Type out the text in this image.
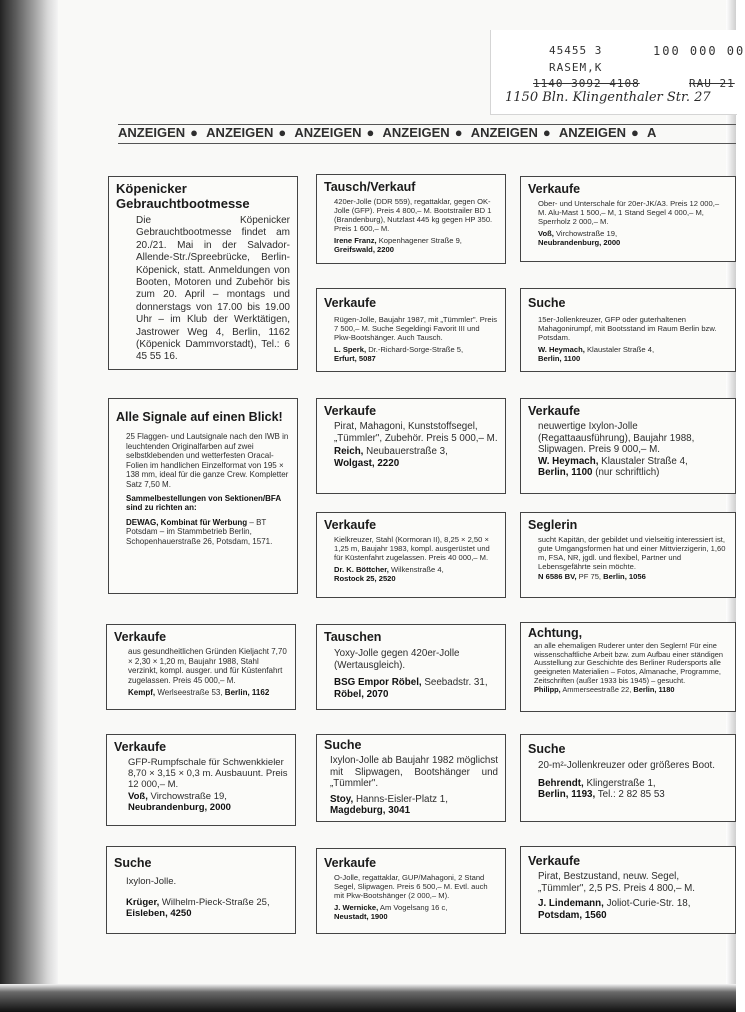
45455 3	100 000 00
RASEM,K
1140 3092 4108	RAU 21
1150 Bln. Klingenthaler Str. 27
ANZEIGEN ● ANZEIGEN ● ANZEIGEN ● ANZEIGEN ● ANZEIGEN ● ANZEIGEN ● A
Köpenicker Gebrauchtbootmesse

Die Köpenicker Gebrauchtbootmesse findet am 20./21. Mai in der Salvador-Allende-Str./Spreebrücke, Berlin-Köpenick, statt. Anmeldungen von Booten, Motoren und Zubehör bis zum 20. April – montags und donnerstags von 17.00 bis 19.00 Uhr – im Klub der Werktätigen, Jastrower Weg 4, Berlin, 1162 (Köpenick Dammvorstadt), Tel.: 6 45 55 16.

Alle Signale auf einen Blick!

25 Flaggen- und Lautsignale nach den IWB in leuchtenden Originalfarben auf zwei selbstklebenden und wetterfesten Oracal-Folien im handlichen Einzelformat von 195 × 138 mm, ideal für die ganze Crew. Kompletter Satz 7,50 M.

Sammelbestellungen von Sektionen/BFA sind zu richten an:
DEWAG, Kombinat für Werbung – BT Potsdam – im Stammbetrieb Berlin, Schopenhauerstraße 26, Potsdam, 1571.
Verkaufe

aus gesundheitlichen Gründen Kieljacht 7,70 × 2,30 × 1,20 m, Baujahr 1988, Stahl verzinkt, kompl. ausger. und für Küstenfahrt zugelassen. Preis 45 000,– M.

Kempf, Werlseestraße 53, Berlin, 1162
Verkaufe

GFP-Rumpfschale für Schwenkkieler 8,70 × 3,15 × 0,3 m. Ausbauunt. Preis 12 000,– M.

Voß, Virchowstraße 19,
Neubrandenburg, 2000
Suche

Ixylon-Jolle.

Krüger, Wilhelm-Pieck-Straße 25,
Eisleben, 4250
Tausch/Verkauf

420er-Jolle (DDR 559), regattaklar, gegen OK-Jolle (GFP). Preis 4 800,– M. Bootstrailer BD 1 (Brandenburg), Nutzlast 445 kg gegen HP 350. Preis 1 600,– M.

Irene Franz, Kopenhagener Straße 9,
Greifswald, 2200
Verkaufe

Rügen-Jolle, Baujahr 1987, mit „Tümmler". Preis 7 500,– M. Suche Segeldingi Favorit III und Pkw-Bootshänger. Auch Tausch.

L. Sperk, Dr.-Richard-Sorge-Straße 5,
Erfurt, 5087
Verkaufe

Pirat, Mahagoni, Kunststoffsegel, „Tümmler", Zubehör. Preis 5 000,– M.

Reich, Neubauerstraße 3,
Wolgast, 2220
Verkaufe

Kielkreuzer, Stahl (Kormoran II), 8,25 × 2,50 × 1,25 m, Baujahr 1983, kompl. ausgerüstet und für Küstenfahrt zugelassen. Preis 40 000,– M.

Dr. K. Böttcher, Wilkenstraße 4,
Rostock 25, 2520
Tauschen

Yoxy-Jolle gegen 420er-Jolle (Wertausgleich).

BSG Empor Röbel, Seebadstr. 31,
Röbel, 2070
Suche

Ixylon-Jolle ab Baujahr 1982 möglichst mit Slipwagen, Bootshänger und „Tümmler".

Stoy, Hanns-Eisler-Platz 1,
Magdeburg, 3041
Verkaufe

O-Jolle, regattaklar, GUP/Mahagoni, 2 Stand Segel, Slipwagen. Preis 6 500,– M. Evtl. auch mit Pkw-Bootshänger (2 000,– M).

J. Wernicke, Am Vogelsang 16 c,
Neustadt, 1900
Verkaufe

Ober- und Unterschale für 20er-JK/A3. Preis 12 000,– M. Alu-Mast 1 500,– M, 1 Stand Segel 4 000,– M, Sperrholz 2 000,– M.

Voß, Virchowstraße 19,
Neubrandenburg, 2000
Suche

15er-Jollenkreuzer, GFP oder guterhaltenen Mahagonirumpf, mit Bootsstand im Raum Berlin bzw. Potsdam.

W. Heymach, Klaustaler Straße 4,
Berlin, 1100
Verkaufe

neuwertige Ixylon-Jolle (Regattaausführung), Baujahr 1988, Slipwagen. Preis 9 000,– M.

W. Heymach, Klaustaler Straße 4,
Berlin, 1100 (nur schriftlich)
Seglerin

sucht Kapitän, der gebildet und vielseitig interessiert ist, gute Umgangsformen hat und einer Mittvierzigerin, 1,60 m, FSA, NR, jgdl. und flexibel, Partner und Lebensgefährte sein möchte.

N 6586 BV, PF 75, Berlin, 1056
Achtung,

an alle ehemaligen Ruderer unter den Seglern! Für eine wissenschaftliche Arbeit bzw. zum Aufbau einer ständigen Ausstellung zur Geschichte des Berliner Rudersports alle geeigneten Materialien – Fotos, Almanache, Programme, Zeitschriften (außer 1933 bis 1945) – gesucht.

Philipp, Ammerseestraße 22, Berlin, 1180
Suche

20-m²-Jollenkreuzer oder größeres Boot.

Behrendt, Klingerstraße 1,
Berlin, 1193, Tel.: 2 82 85 53
Verkaufe

Pirat, Bestzustand, neuw. Segel, „Tümmler", 2,5 PS. Preis 4 800,– M.

J. Lindemann, Joliot-Curie-Str. 18,
Potsdam, 1560
